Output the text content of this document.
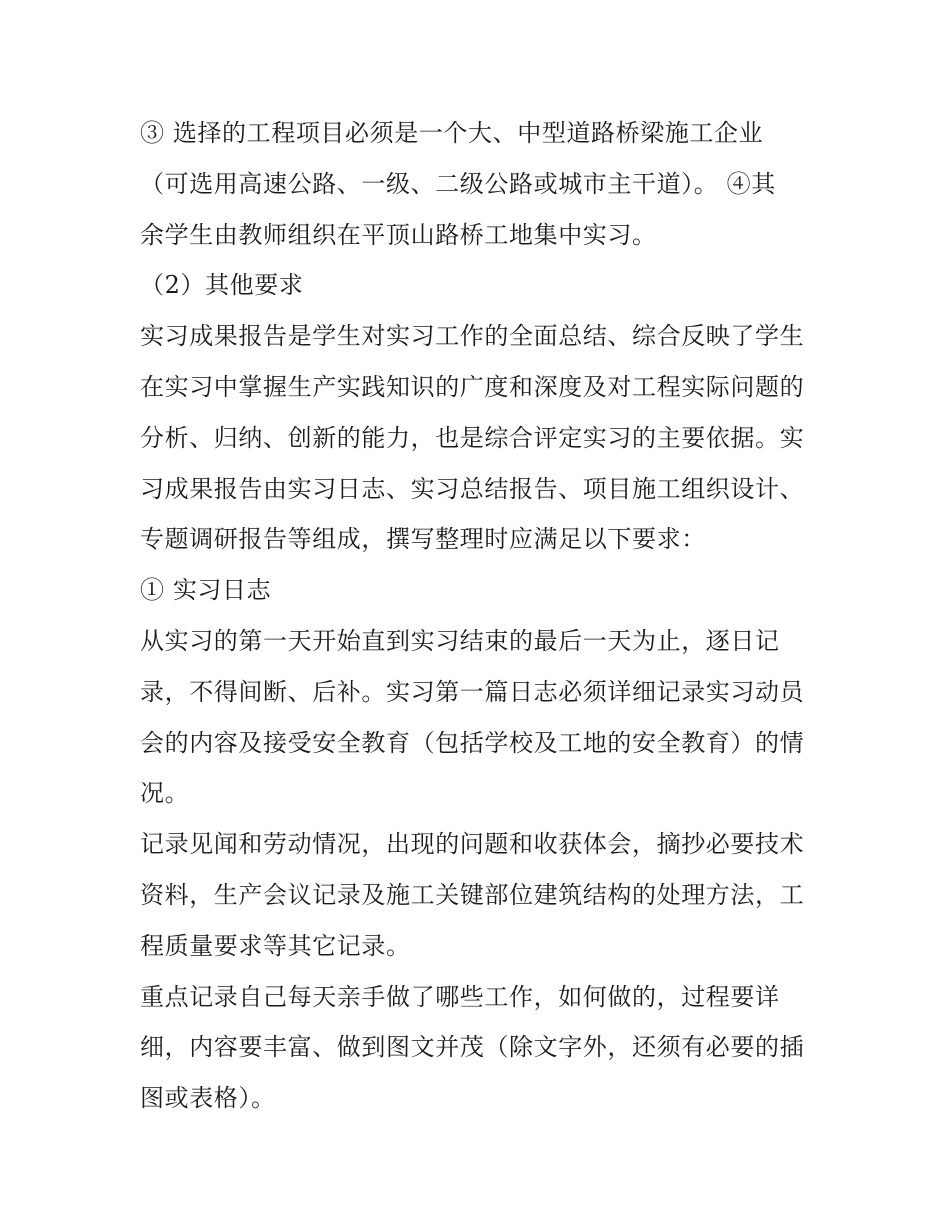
③ 选择的工程项目必须是一个大、中型道路桥梁施工企业
（可选用高速公路、一级、二级公路或城市主干道）。 ④其
余学生由教师组织在平顶山路桥工地集中实习。
（2）其他要求
实习成果报告是学生对实习工作的全面总结、综合反映了学生
在实习中掌握生产实践知识的广度和深度及对工程实际问题的
分析、归纳、创新的能力，也是综合评定实习的主要依据。实
习成果报告由实习日志、实习总结报告、项目施工组织设计、
专题调研报告等组成，撰写整理时应满足以下要求：
① 实习日志
从实习的第一天开始直到实习结束的最后一天为止，逐日记
录，不得间断、后补。实习第一篇日志必须详细记录实习动员
会的内容及接受安全教育（包括学校及工地的安全教育）的情
况。
记录见闻和劳动情况，出现的问题和收获体会，摘抄必要技术
资料，生产会议记录及施工关键部位建筑结构的处理方法，工
程质量要求等其它记录。
重点记录自己每天亲手做了哪些工作，如何做的，过程要详
细，内容要丰富、做到图文并茂（除文字外，还须有必要的插
图或表格）。
